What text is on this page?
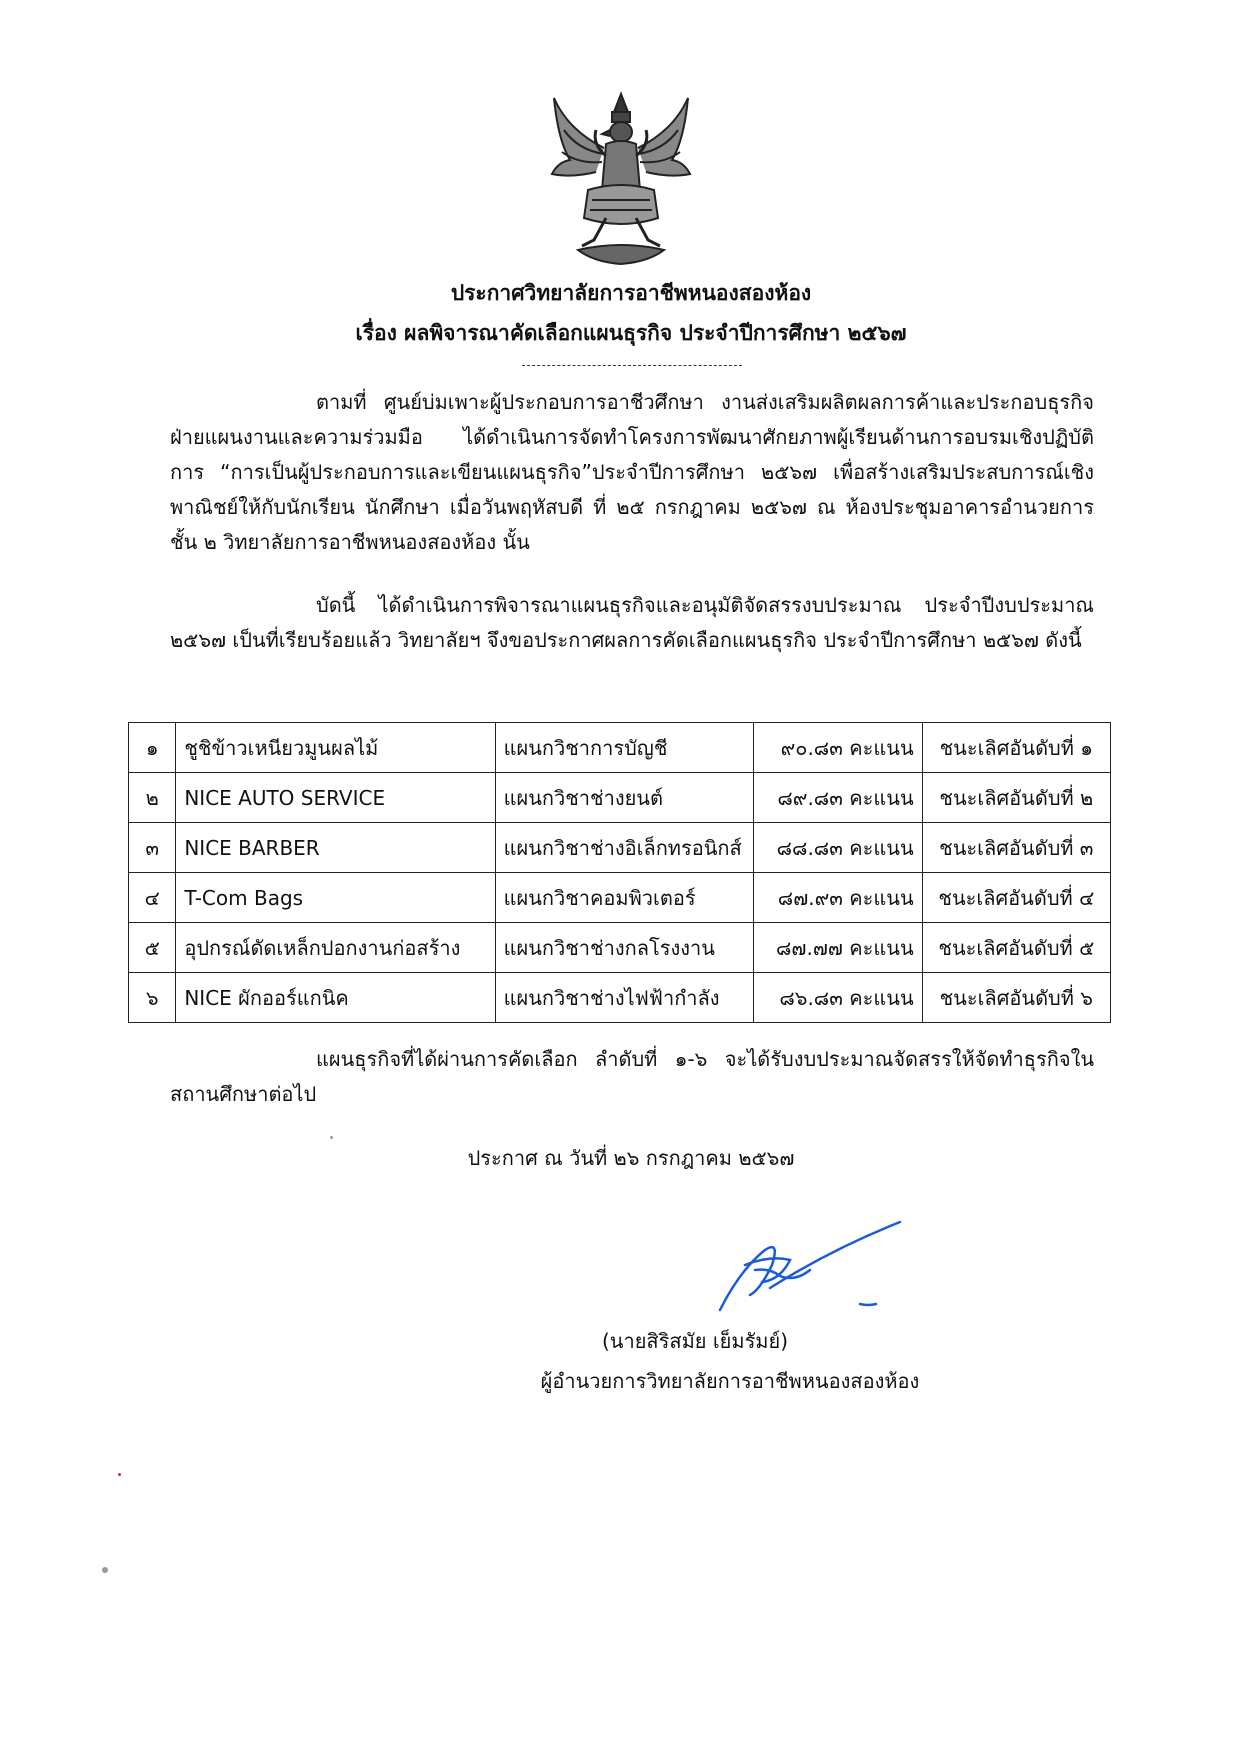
ประกาศวิทยาลัยการอาชีพหนองสองห้อง
เรื่อง ผลพิจารณาคัดเลือกแผนธุรกิจ ประจำปีการศึกษา ๒๕๖๗
ตามที่ ศูนย์บ่มเพาะผู้ประกอบการอาชีวศึกษา งานส่งเสริมผลิตผลการค้าและประกอบธุรกิจ ฝ่ายแผนงานและความร่วมมือ ได้ดำเนินการจัดทำโครงการพัฒนาศักยภาพผู้เรียนด้านการอบรมเชิงปฏิบัติการ “การเป็นผู้ประกอบการและเขียนแผนธุรกิจ”ประจำปีการศึกษา ๒๕๖๗ เพื่อสร้างเสริมประสบการณ์เชิงพาณิชย์ให้กับนักเรียน นักศึกษา เมื่อวันพฤหัสบดี ที่ ๒๕ กรกฎาคม ๒๕๖๗ ณ ห้องประชุมอาคารอำนวยการ ชั้น ๒ วิทยาลัยการอาชีพหนองสองห้อง นั้น
บัดนี้ ได้ดำเนินการพิจารณาแผนธุรกิจและอนุมัติจัดสรรงบประมาณ ประจำปีงบประมาณ ๒๕๖๗ เป็นที่เรียบร้อยแล้ว วิทยาลัยฯ จึงขอประกาศผลการคัดเลือกแผนธุรกิจ ประจำปีการศึกษา ๒๕๖๗ ดังนี้
๑	ชูชิข้าวเหนียวมูนผลไม้	แผนกวิชาการบัญชี	๙๐.๘๓ คะแนน	ชนะเลิศอันดับที่ ๑
๒	NICE AUTO SERVICE	แผนกวิชาช่างยนต์	๘๙.๘๓ คะแนน	ชนะเลิศอันดับที่ ๒
๓	NICE BARBER	แผนกวิชาช่างอิเล็กทรอนิกส์	๘๘.๘๓ คะแนน	ชนะเลิศอันดับที่ ๓
๔	T-Com Bags	แผนกวิชาคอมพิวเตอร์	๘๗.๙๓ คะแนน	ชนะเลิศอันดับที่ ๔
๕	อุปกรณ์ดัดเหล็กปอกงานก่อสร้าง	แผนกวิชาช่างกลโรงงาน	๘๗.๗๗ คะแนน	ชนะเลิศอันดับที่ ๕
๖	NICE ผักออร์แกนิค	แผนกวิชาช่างไฟฟ้ากำลัง	๘๖.๘๓ คะแนน	ชนะเลิศอันดับที่ ๖
แผนธุรกิจที่ได้ผ่านการคัดเลือก ลำดับที่ ๑-๖ จะได้รับงบประมาณจัดสรรให้จัดทำธุรกิจในสถานศึกษาต่อไป
ประกาศ ณ วันที่ ๒๖ กรกฎาคม ๒๕๖๗
(นายสิริสมัย เย็มรัมย์)
ผู้อำนวยการวิทยาลัยการอาชีพหนองสองห้อง
